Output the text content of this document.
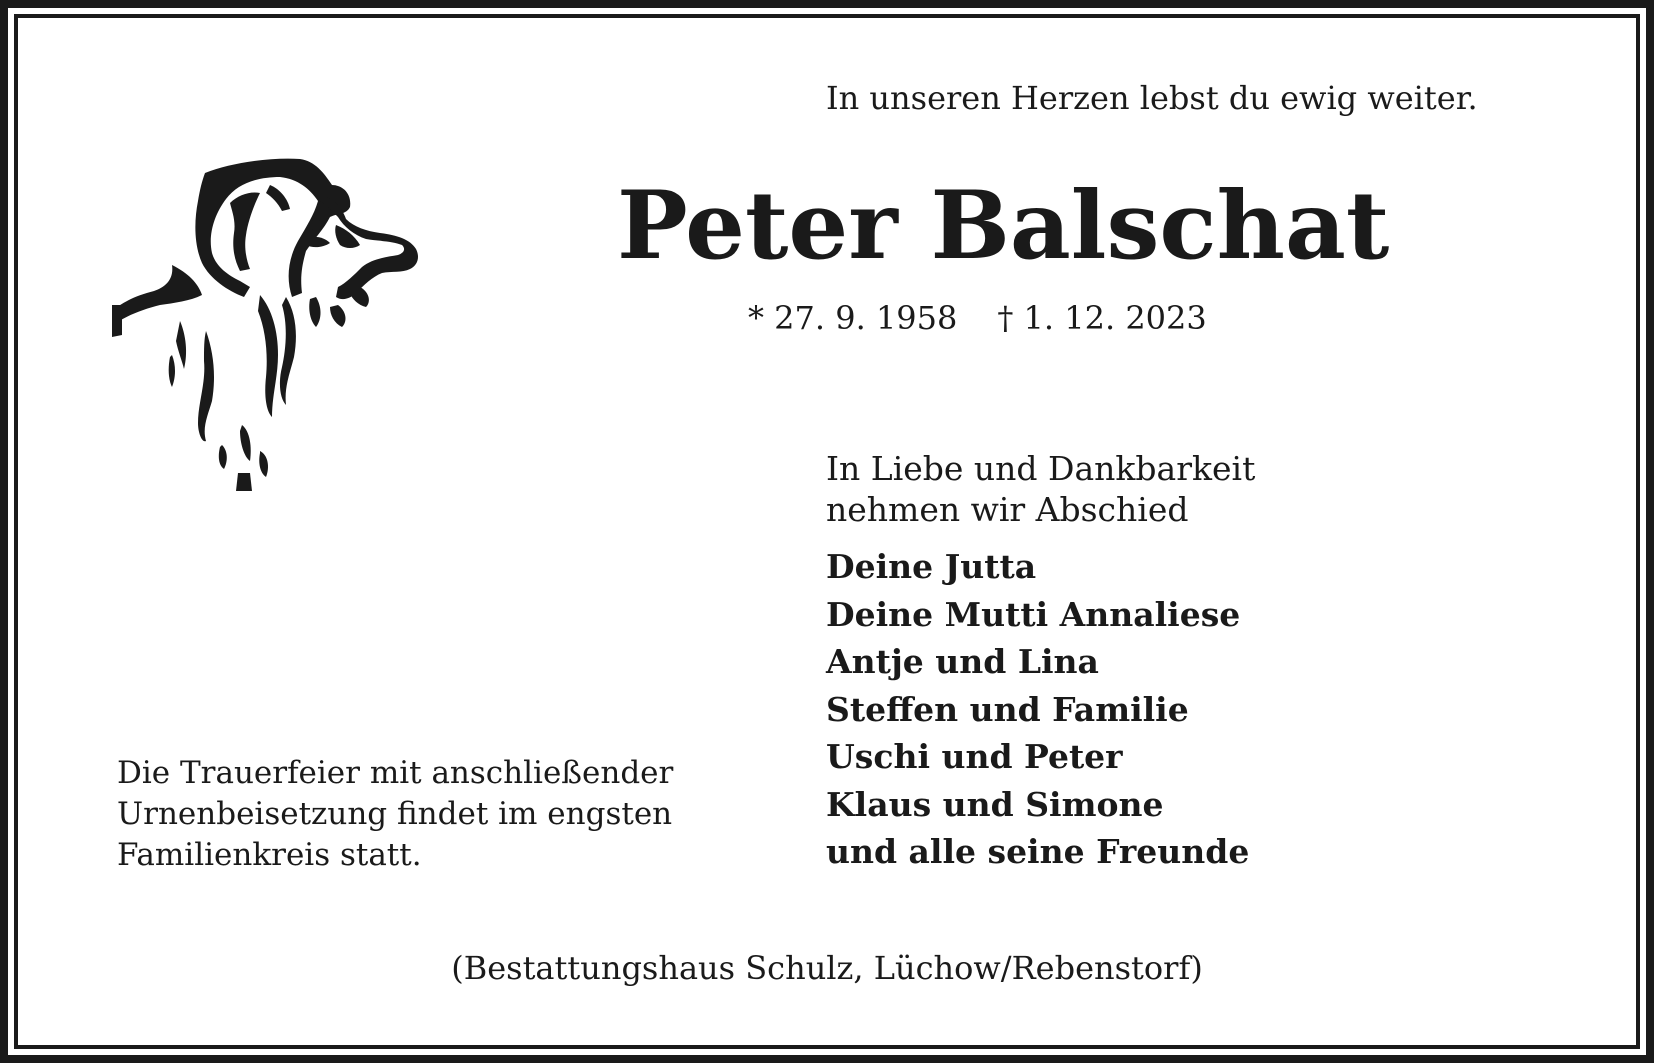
In unseren Herzen lebst du ewig weiter.
Peter Balschat
* 27. 9. 1958 † 1. 12. 2023
In Liebe und Dankbarkeit
nehmen wir Abschied
Deine Jutta
Deine Mutti Annaliese
Antje und Lina
Steffen und Familie
Uschi und Peter
Klaus und Simone
und alle seine Freunde
Die Trauerfeier mit anschließender
Urnenbeisetzung findet im engsten
Familienkreis statt.
(Bestattungshaus Schulz, Lüchow/Rebenstorf)
